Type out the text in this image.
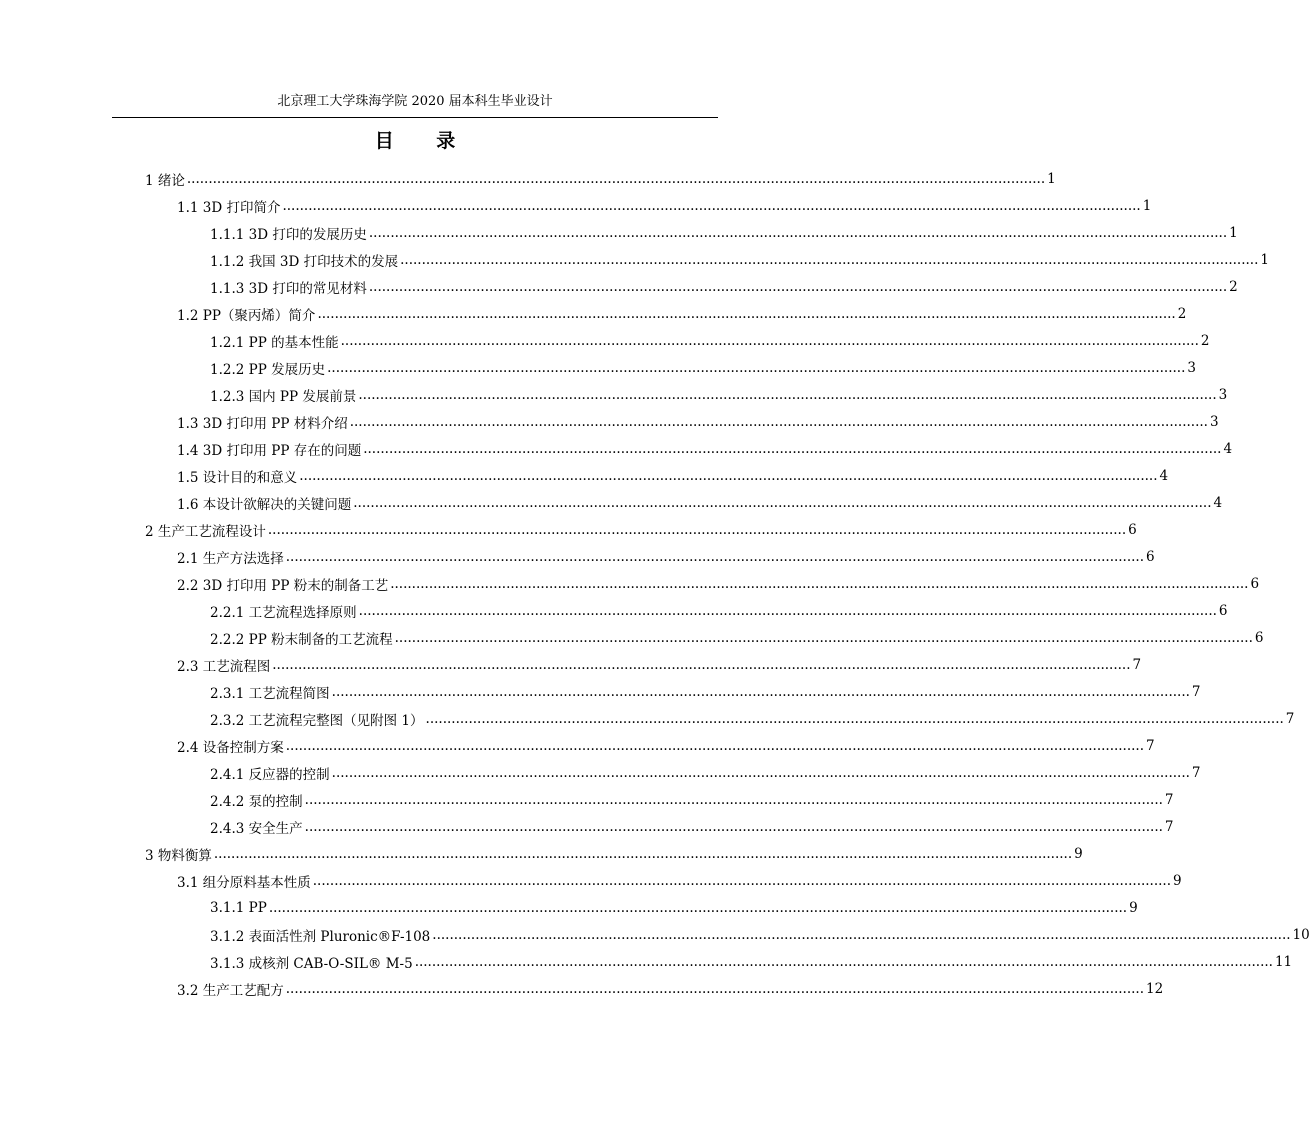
北京理工大学珠海学院 2020 届本科生毕业设计
目 录
1 绪论 ........................................................................................................................................................................................................ 1
1.1 3D 打印简介 ........................................................................................................................................................................................................ 1
1.1.1 3D 打印的发展历史 ........................................................................................................................................................................................................ 1
1.1.2 我国 3D 打印技术的发展 ........................................................................................................................................................................................................ 1
1.1.3 3D 打印的常见材料 ........................................................................................................................................................................................................ 2
1.2 PP（聚丙烯）简介 ........................................................................................................................................................................................................ 2
1.2.1 PP 的基本性能 ........................................................................................................................................................................................................ 2
1.2.2 PP 发展历史 ........................................................................................................................................................................................................ 3
1.2.3 国内 PP 发展前景 ........................................................................................................................................................................................................ 3
1.3 3D 打印用 PP 材料介绍 ........................................................................................................................................................................................................ 3
1.4 3D 打印用 PP 存在的问题 ........................................................................................................................................................................................................ 4
1.5 设计目的和意义 ........................................................................................................................................................................................................ 4
1.6 本设计欲解决的关键问题 ........................................................................................................................................................................................................ 4
2 生产工艺流程设计 ........................................................................................................................................................................................................ 6
2.1 生产方法选择 ........................................................................................................................................................................................................ 6
2.2 3D 打印用 PP 粉末的制备工艺 ........................................................................................................................................................................................................ 6
2.2.1 工艺流程选择原则 ........................................................................................................................................................................................................ 6
2.2.2 PP 粉末制备的工艺流程 ........................................................................................................................................................................................................ 6
2.3 工艺流程图 ........................................................................................................................................................................................................ 7
2.3.1 工艺流程简图 ........................................................................................................................................................................................................ 7
2.3.2 工艺流程完整图（见附图 1） ........................................................................................................................................................................................................ 7
2.4 设备控制方案 ........................................................................................................................................................................................................ 7
2.4.1 反应器的控制 ........................................................................................................................................................................................................ 7
2.4.2 泵的控制 ........................................................................................................................................................................................................ 7
2.4.3 安全生产 ........................................................................................................................................................................................................ 7
3 物料衡算 ........................................................................................................................................................................................................ 9
3.1 组分原料基本性质 ........................................................................................................................................................................................................ 9
3.1.1 PP ........................................................................................................................................................................................................ 9
3.1.2 表面活性剂 Pluronic®F-108 ........................................................................................................................................................................................................ 10
3.1.3 成核剂 CAB-O-SIL® M-5 ........................................................................................................................................................................................................ 11
3.2 生产工艺配方 ........................................................................................................................................................................................................ 12
